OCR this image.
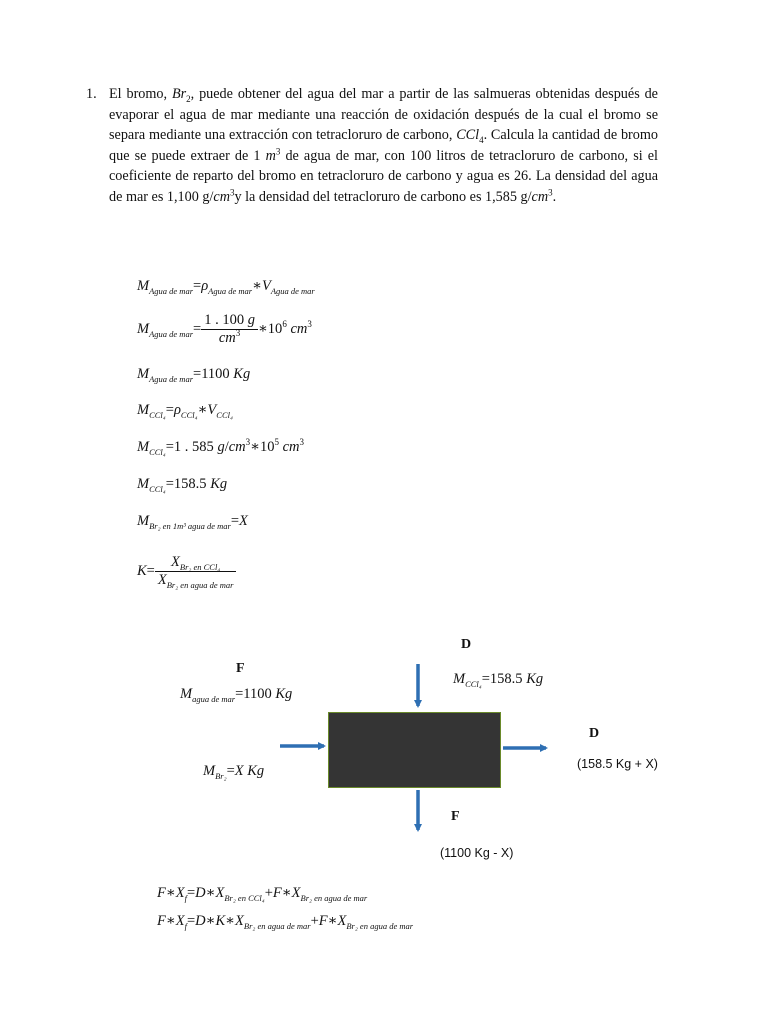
1. El bromo, $Br_2$, puede obtener del agua del mar a partir de las salmueras obtenidas después de evaporar el agua de mar mediante una reacción de oxidación después de la cual el bromo se separa mediante una extracción con tetracloruro de carbono, CCl$_4$. Calcula la cantidad de bromo que se puede extraer de 1 $m^3$ de agua de mar, con 100 litros de tetracloruro de carbono, si el coeficiente de reparto del bromo en tetracloruro de carbono y agua es 26. La densidad del agua de mar es 1,100 $g/cm^3y$ la densidad del tetracloruro de carbono es 1,585 $g/cm^3$.
$M_{Agua de mar}=\rho_{Agua de mar}∗V_{Agua de mar}$
$M_{Agua de mar}= \frac{1 . 100 g}{cm^3}$ $∗10^6$ $cm^3$
$M_{Agua de mar}=1100$ Kg
$M_{CCl_4}=\rho_{CCl_4}∗V_{CCl_4}$
$M_{CCl_4}=1$ . 585 $g/cm^3∗10^5$ $cm^3$
$M_{CCl_4}=158.5$ Kg
$M_{Br_2 en 1m^3 agua de mar}=X$
$K= \frac{X_{Br_2 en CCl_4}}{X_{Br_2 en agua de mar}}$
F
D
D
F
$M_{agua de mar}=1100$ Kg
$M_{CCl_4}=158.5$ Kg
$M_{Br_2}=X$ Kg	(158.5 Kg + X)
(1100 Kg - X)
$F∗X_f=D∗X_{Br_2 en CCl_4}+F∗X_{Br_2 en agua de mar}$
$F∗X_f=D∗K∗X_{Br_2 en agua de mar}+F∗X_{Br_2 en agua de mar}$
